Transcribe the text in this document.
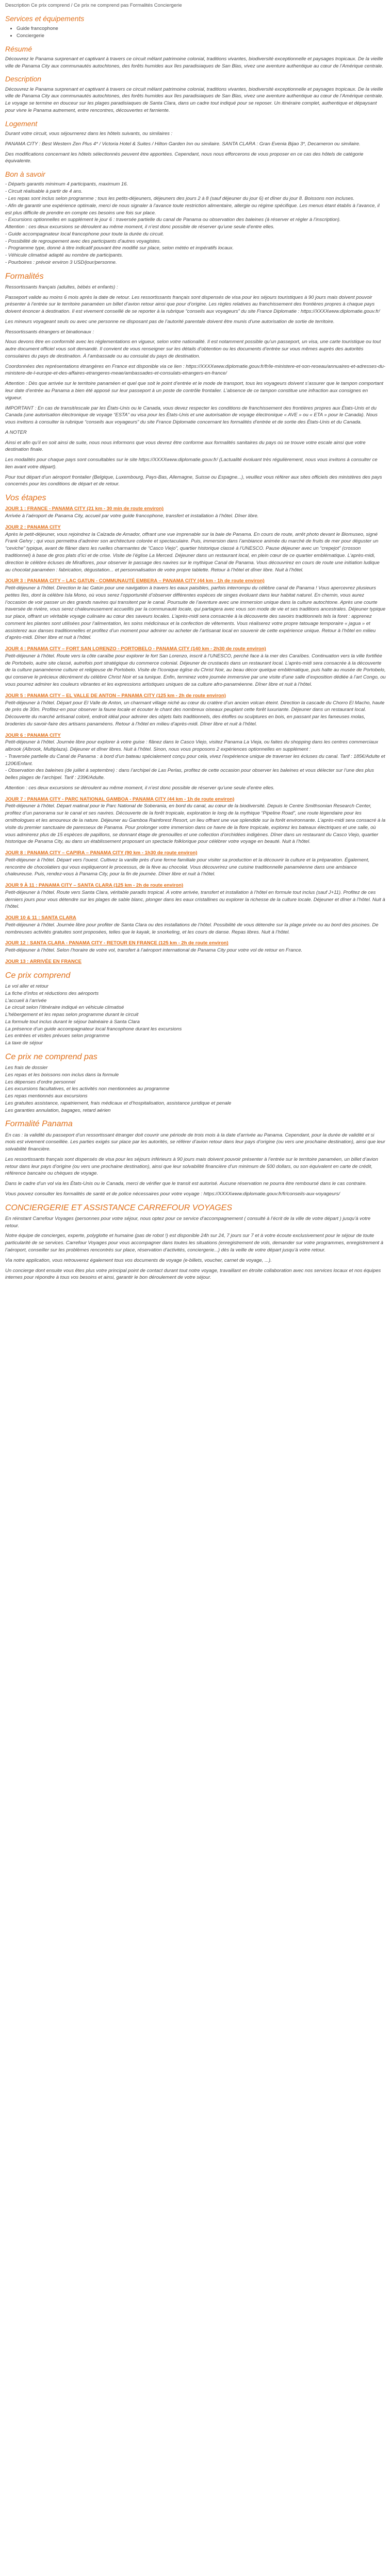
Description Ce prix comprend / Ce prix ne comprend pas Formalités Conciergerie
Services et équipements
• Guide francophone
• Conciergerie
Résumé

Découvrez le Panama surprenant et captivant à travers ce circuit mêlant patrimoine colonial, traditions vivantes, biodiversité exceptionnelle et paysages tropicaux. De la vieille ville de Panama City aux communautés autochtones, des forêts humides aux îles paradisiaques de San Blas, vivez une aventure authentique au cœur de l’Amérique centrale.

Description

Découvrez le Panama surprenant et captivant à travers ce circuit mêlant patrimoine colonial, traditions vivantes, biodiversité exceptionnelle et paysages tropicaux. De la vieille ville de Panama City aux communautés autochtones, des forêts humides aux îles paradisiaques de San Blas, vivez une aventure authentique au cœur de l’Amérique centrale. Le voyage se termine en douceur sur les plages paradisiaques de Santa Clara, dans un cadre tout indiqué pour se reposer. Un itinéraire complet, authentique et dépaysant pour vivre le Panama autrement, entre rencontres, découvertes et farniente.

Logement

Durant votre circuit, vous séjournerez dans les hôtels suivants, ou similaires :

PANAMA CITY : Best Western Zen Plus 4* / Victoria Hotel & Suites / Hilton Garden Inn ou similaire. SANTA CLARA : Gran Evenia Bijao 3*, Decameron ou similaire.

Des modifications concernant les hôtels sélectionnés peuvent être apportées. Cependant, nous nous efforcerons de vous proposer en ce cas des hôtels de catégorie équivalente.

Bon à savoir
- Départs garantis minimum 4 participants, maximum 16.
- Circuit réalisable à partir de 4 ans.
- Les repas sont inclus selon programme ; tous les petits-déjeuners, déjeuners des jours 2 à 8 (sauf déjeuner du jour 6) et dîner du jour 8. Boissons non incluses.
- Afin de garantir une expérience optimale, merci de nous signaler à l’avance toute restriction alimentaire, allergie ou régime spécifique. Les menus étant établis à l’avance, il est plus difficile de prendre en compte ces besoins une fois sur place.
- Excursions optionnelles en supplément le jour 6 : traversée partielle du canal de Panama ou observation des baleines (à réserver et régler à l’inscription).
Attention : ces deux excursions se déroulent au même moment, il n’est donc possible de réserver qu’une seule d’entre elles.
- Guide accompagnateur local francophone pour toute la durée du circuit.
- Possibilité de regroupement avec des participants d’autres voyagistes.
- Programme type, donné à titre indicatif pouvant être modifié sur place, selon météo et impératifs locaux.
- Véhicule climatisé adapté au nombre de participants.
- Pourboires : prévoir environ 3 USD/jour/personne.
Formalités

Ressortissants français (adultes, bébés et enfants) :

Passeport valide au moins 6 mois après la date de retour. Les ressortissants français sont dispensés de visa pour les séjours touristiques à 90 jours mais doivent pouvoir présenter à l’entrée sur le territoire panaméen un billet d’avion retour ainsi que pour d’origine. Les règles relatives au franchissement des frontières propres à chaque pays doivent énoncer à destination. Il est vivement conseillé de se reporter à la rubrique “conseils aux voyageurs” du site France Diplomatie : https://XXXXwww.diplomatie.gouv.fr/

Les mineurs voyageant seuls ou avec une personne ne disposant pas de l’autorité parentale doivent être munis d’une autorisation de sortie de territoire.

Ressortissants étrangers et binationaux :

Nous devons être en conformité avec les réglementations en vigueur, selon votre nationalité. Il est notamment possible qu’un passeport, un visa, une carte touristique ou tout autre document officiel vous soit demandé. Il convient de vous renseigner sur les détails d’obtention ou les documents d’entrée sur vous mêmes auprès des autorités consulaires du pays de destination. À l’ambassade ou au consulat du pays de destination.

Coordonnées des représentations étrangères en France est disponible via ce lien : https://XXXXwww.diplomatie.gouv.fr/fr/le-ministere-et-son-reseau/annuaires-et-adresses-du-ministere-de-l-europe-et-des-affaires-etrangeres-meae/ambassades-et-consulats-etrangers-en-france/

Attention : Dès que arrivée sur le territoire panaméen et quel que soit le point d’entrée et le mode de transport, tous les voyageurs doivent s’assurer que le tampon comportant leur date d’entrée au Panama a bien été apposé sur leur passeport à un poste de contrôle frontalier. L’absence de ce tampon constitue une infraction aux consignes en vigueur.

IMPORTANT : En cas de transit/escale par les États-Unis ou le Canada, vous devez respecter les conditions de franchissement des frontières propres aux États-Unis et du Canada (une autorisation électronique de voyage “ESTA” ou visa pour les États-Unis et une autorisation de voyage électronique « AVE » ou « ETA » pour le Canada). Nous vous invitons à consulter la rubrique “conseils aux voyageurs” du site France Diplomatie concernant les formalités d’entrée et de sortie des États-Unis et du Canada.

A NOTER

Ainsi et afin qu’il en soit ainsi de suite, nous nous informons que vous devrez être conforme aux formalités sanitaires du pays où se trouve votre escale ainsi que votre destination finale.

Les modalités pour chaque pays sont consultables sur le site https://XXXXwww.diplomatie.gouv.fr/ (Lactualité évoluant très régulièrement, nous vous invitons à consulter ce lien avant votre départ).

Pour tout départ d’un aéroport frontalier (Belgique, Luxembourg, Pays-Bas, Allemagne, Suisse ou Espagne...), veuillez vous référer aux sites officiels des ministères des pays concernés pour les conditions de départ et de retour.

Vos étapes
JOUR 1 : FRANCE - PANAMA CITY (21 km - 30 min de route environ)
Arrivée à l’aéroport de Panama City, accueil par votre guide francophone, transfert et installation à l’hôtel. Dîner libre.
JOUR 2 : PANAMA CITY
Après le petit-déjeuner, vous rejoindrez la Calzada de Amador, offrant une vue imprenable sur la baie de Panama. En cours de route, arrêt photo devant le Biomuseo, signé Frank Gehry ; qui vous permettra d’admirer son architecture colorée et spectaculaire. Puis, immersion dans l’ambiance animée du marché de fruits de mer pour déguster un “ceviche” typique, avant de flâner dans les ruelles charmantes de “Casco Viejo”, quartier historique classé à l’UNESCO. Pause déjeuner avec un “crepejot” (crosson traditionnel) à base de gros plats d’ici et de crise. Visite de l’église La Merced. Déjeuner dans un restaurant local, en plein cœur de ce quartier emblématique. L’après-midi, direction le célèbre écluses de Miraflores, pour observer le passage des navires sur le mythique Canal de Panama. Vous découvrirez en cours de route une initiation ludique au chocolat panaméen : fabrication, dégustation... et personnalisation de votre propre tablette. Retour à l’hôtel et dîner libre. Nuit à l’hôtel.
JOUR 3 : PANAMA CITY – LAC GATUN - COMMUNAUTÉ EMBERA – PANAMA CITY (44 km - 1h de route environ)
Petit-déjeuner à l’hôtel. Direction le lac Gatún pour une navigation à travers les eaux paisibles, parfois interrompu du célèbre canal de Panama ! Vous apercevrez plusieurs petites îles, dont la célèbre Isla Mono, où vous serez l’opportunité d’observer différentes espèces de singes évoluant dans leur habitat naturel. En chemin, vous aurez l’occasion de voir passer un des grands navires qui transitent par le canal. Poursuite de l’aventure avec une immersion unique dans la culture autochtone. Après une courte traversée de rivière, vous serez chaleureusement accueillis par la communauté locale, qui partagera avec vous son mode de vie et ses traditions ancestrales. Déjeuner typique sur place, offrant un véritable voyage culinaire au cœur des saveurs locales. L’après-midi sera consacrée à la découverte des savoirs traditionnels tels la foret : apprenez comment les plantes sont utilisées pour l’alimentation, les soins médicinaux et la confection de vêtements. Vous réaliserez votre propre tatouage temporaire « jagua » et assisterez aux danses traditionnelles et profitez d’un moment pour admirer ou acheter de l’artisanat local en souvenir de cette expérience unique. Retour à l’hôtel en milieu d’après-midi. Dîner libre et nuit à l’hôtel.
JOUR 4 : PANAMA CITY – FORT SAN LORENZO - PORTOBELO - PANAMA CITY (140 km - 2h30 de route environ)
Petit-déjeuner à l’hôtel. Route vers la côte caraïbe pour explorer le fort San Lorenzo, inscrit à l’UNESCO, perché face à la mer des Caraïbes. Continuation vers la ville fortifiée de Portobelo, autre site classé, autrefois port stratégique du commerce colonial. Déjeuner de crustacés dans un restaurant local. L’après-midi sera consacrée à la découverte de la culture panaméenne culture et religieuse de Portobelo. Visite de l’Iconique église du Christ Noir, au beau décor quelque emblématique, puis halte au musée de Portobelo, qui conserve le précieux décrément du célèbre Christ Noir et sa tunique. Enfin, terminez votre journée immersive par une visite d’une salle d’exposition dédiée à l’art Congo, ou vous pourrez admirer les couleurs vibrantes et les expressions artistiques uniques de sa culture afro-panaméenne. Dîner libre et nuit à l’hôtel.
JOUR 5 : PANAMA CITY – EL VALLE DE ANTON – PANAMA CITY (125 km - 2h de route environ)
Petit-déjeuner à l’hôtel. Départ pour El Valle de Anton, un charmant village niché au cœur du cratère d’un ancien volcan éteint. Direction la cascade du Chorro El Macho, haute de près de 30m. Profitez-en pour observer la faune locale et écouter le chant des nombreux oiseaux peuplant cette forêt luxuriante. Déjeuner dans un restaurant local. Découverte du marché artisanal coloré, endroit idéal pour admirer des objets faits traditionnels, des étoffes ou sculptures en bois, en passant par les fameuses molas, broderies du savoir-faire des artisans panaméens. Retour à l’hôtel en milieu d’après-midi. Dîner libre et nuit à l’hôtel.
JOUR 6 : PANAMA CITY
Petit-déjeuner à l’hôtel. Journée libre pour explorer à votre guise : flânez dans le Casco Viejo, visitez Panama La Vieja, ou faites du shopping dans les centres commerciaux albrook (Albrook, Multiplaza). Déjeuner et dîner libres. Nuit à l’hôtel. Sinon, nous vous proposons 2 expériences optionnelles en supplément :
- Traversée partielle du Canal de Panama : à bord d’un bateau spécialement conçu pour cela, vivez l’expérience unique de traverser les écluses du canal. Tarif : 185€/Adulte et 120€/Enfant.
- Observation des baleines (de juillet à septembre) : dans l’archipel de Las Perlas, profitez de cette occasion pour observer les baleines et vous délecter sur l’une des plus belles plages de l’archipel. Tarif : 239€/Adulte.
Attention : ces deux excursions se déroulent au même moment, il n’est donc possible de réserver qu’une seule d’entre elles.
JOUR 7 : PANAMA CITY - PARC NATIONAL GAMBOA - PANAMA CITY (44 km - 1h de route environ)
Petit-déjeuner à l’hôtel. Départ matinal pour le Parc National de Soberania, en bord du canal, au cœur de la biodiversité. Depuis le Centre Smithsonian Research Center, profitez d’un panorama sur le canal et ses navires. Découverte de la forêt tropicale, exploration le long de la mythique “Pipeline Road”, une route légendaire pour les ornithologues et les amoureux de la nature. Déjeuner au Gamboa Rainforest Resort, un lieu offrant une vue splendide sur la forêt environnante. L’après-midi sera consacré à la visite du premier sanctuaire de paresseux de Panama. Pour prolonger votre immersion dans ce havre de la flore tropicale, explorez les bateaux électriques et une salle, où vous admirerez plus de 15 espèces de papillons, se donnant étage de grenouilles et une collection d’orchidées indigènes. Dîner dans un restaurant du Casco Viejo, quartier historique de Panama City, au dans un établissement proposant un spectacle folklorique pour célébrer votre voyage en beauté. Nuit à l’hôtel.
JOUR 8 : PANAMA CITY – CAPIRA – PANAMA CITY (90 km - 1h30 de route environ)
Petit-déjeuner à l’hôtel. Départ vers l’ouest. Cultivez la vanille près d’une ferme familiale pour visiter sa production et la découvrir la culture et la préparation. Également, rencontre de chocolatiers qui vous expliqueront le processus, de la fève au chocolat. Vous découvrirez une cuisine traditionnelle panaméenne dans une ambiance chaleureuse. Puis, rendez-vous à Panama City, pour la fin de journée. Dîner libre et nuit à l’hôtel.
JOUR 9 À 11 : PANAMA CITY – SANTA CLARA (125 km - 2h de route environ)
Petit-déjeuner à l’hôtel. Route vers Santa Clara, véritable paradis tropical. À votre arrivée, transfert et installation à l’hôtel en formule tout inclus (sauf J+11). Profitez de ces derniers jours pour vous détendre sur les plages de sable blanc, plonger dans les eaux cristallines ou explorer la richesse de la culture locale. Déjeuner et dîner à l’hôtel. Nuit à l’hôtel.
JOUR 10 & 11 : SANTA CLARA
Petit-déjeuner à l’hôtel. Journée libre pour profiter de Santa Clara ou des installations de l’hôtel. Possibilité de vous détendre sur la plage privée ou au bord des piscines. De nombreuses activités gratuites sont proposées, telles que le kayak, le snorkeling, et les cours de danse. Repas libres. Nuit à l’hôtel.
JOUR 12 : SANTA CLARA - PANAMA CITY - RETOUR EN FRANCE (125 km - 2h de route environ)
Petit-déjeuner à l’hôtel. Selon l’horaire de votre vol, transfert à l’aéroport international de Panama City pour votre vol de retour en France.
JOUR 13 : ARRIVÉE EN FRANCE
Ce prix comprend
Le vol aller et retour
La fiche d’infos et réductions des aéroports
L’accueil à l’arrivée
Le circuit selon l’itinéraire indiqué en véhicule climatisé
L’hébergement et les repas selon programme durant le circuit
La formule tout inclus durant le séjour balnéaire à Santa Clara
La présence d’un guide accompagnateur local francophone durant les excursions
Les entrées et visites prévues selon programme
La taxe de séjour
Ce prix ne comprend pas
Les frais de dossier
Les repas et les boissons non inclus dans la formule
Les dépenses d’ordre personnel
Les excursions facultatives, et les activités non mentionnées au programme
Les repas mentionnés aux excursions
Les gratuites assistance, rapatriement, frais médicaux et d’hospitalisation, assistance juridique et penale
Les garanties annulation, bagages, retard aérien
Formalité Panama

En cas : la validité du passeport d’un ressortissant étranger doit couvrir une période de trois mois à la date d’arrivée au Panama. Cependant, pour la durée de validité et si mois est vivement conseillée. Les parties exigés sur place par les autorités, se référer d’avion retour dans leur pays d’origine (ou vers une prochaine destination), ainsi que leur solvabilité financière.

Les ressortissants français sont dispensés de visa pour les séjours inférieurs à 90 jours mais doivent pouvoir présenter à l’entrée sur le territoire panaméen, un billet d’avion retour dans leur pays d’origine (ou vers une prochaine destination), ainsi que leur solvabilité financière d’un minimum de 500 dollars, ou son équivalent en carte de crédit, référence bancaire ou chèques de voyage.

Dans le cadre d’un vol via les États-Unis ou le Canada, merci de vérifier que le transit est autorisé. Aucune réservation ne pourra être remboursé dans le cas contraire.

Vous pouvez consulter les formalités de santé et de police nécessaires pour votre voyage : https://XXXXwww.diplomatie.gouv.fr/fr/conseils-aux-voyageurs/

CONCIERGERIE ET ASSISTANCE CARREFOUR VOYAGES

En réinstant Carrefour Voyages (personnes pour votre séjour, nous optez pour ce service d’accompagnement ( consulté à l’écrit de la ville de votre départ ) jusqu’à votre retour.

Notre équipe de concierges, experte, polyglotte et humaine (pas de robot !) est disponible 24h sur 24, 7 jours sur 7 et à votre écoute exclusivement pour le séjour de toute particularité de se services. Carrefour Voyages pour vous accompagner dans toutes les situations (enregistrement de vols, demander sur votre programmes, enregistrement à l’aéroport, conseiller sur les problèmes rencontrés sur place, réservation d’activités, conciergerie...) dès la veille de votre départ jusqu’à votre retour.

Via notre application, vous retrouverez également tous vos documents de voyage (e-billets, voucher, carnet de voyage, ...).

Un concierge dont ensuite vous êtes plus votre principal point de contact durant tout notre voyage, travaillant en étroite collaboration avec nos services locaux et nos équipes internes pour répondre à tous vos besoins et ainsi, garantir le bon déroulement de votre séjour.
